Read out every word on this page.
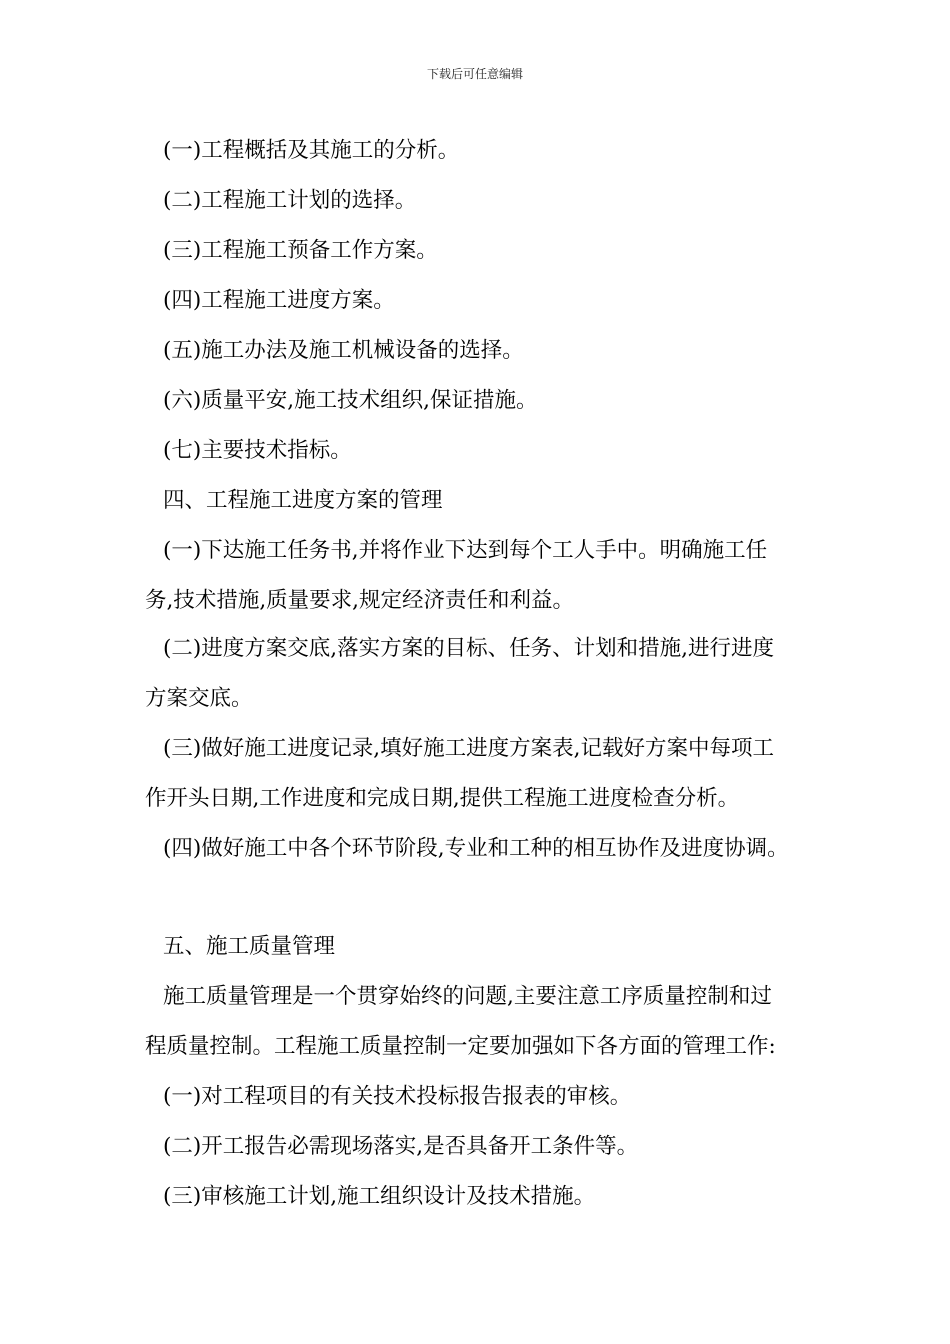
下载后可任意编辑
(一)工程概括及其施工的分析。
(二)工程施工计划的选择。
(三)工程施工预备工作方案。
(四)工程施工进度方案。
(五)施工办法及施工机械设备的选择。
(六)质量平安,施工技术组织,保证措施。
(七)主要技术指标。
四、工程施工进度方案的管理
(一)下达施工任务书,并将作业下达到每个工人手中。明确施工任
务,技术措施,质量要求,规定经济责任和利益。
(二)进度方案交底,落实方案的目标、任务、计划和措施,进行进度
方案交底。
(三)做好施工进度记录,填好施工进度方案表,记载好方案中每项工
作开头日期,工作进度和完成日期,提供工程施工进度检查分析。
(四)做好施工中各个环节阶段,专业和工种的相互协作及进度协调。
五、施工质量管理
施工质量管理是一个贯穿始终的问题,主要注意工序质量控制和过
程质量控制。工程施工质量控制一定要加强如下各方面的管理工作:
(一)对工程项目的有关技术投标报告报表的审核。
(二)开工报告必需现场落实,是否具备开工条件等。
(三)审核施工计划,施工组织设计及技术措施。
